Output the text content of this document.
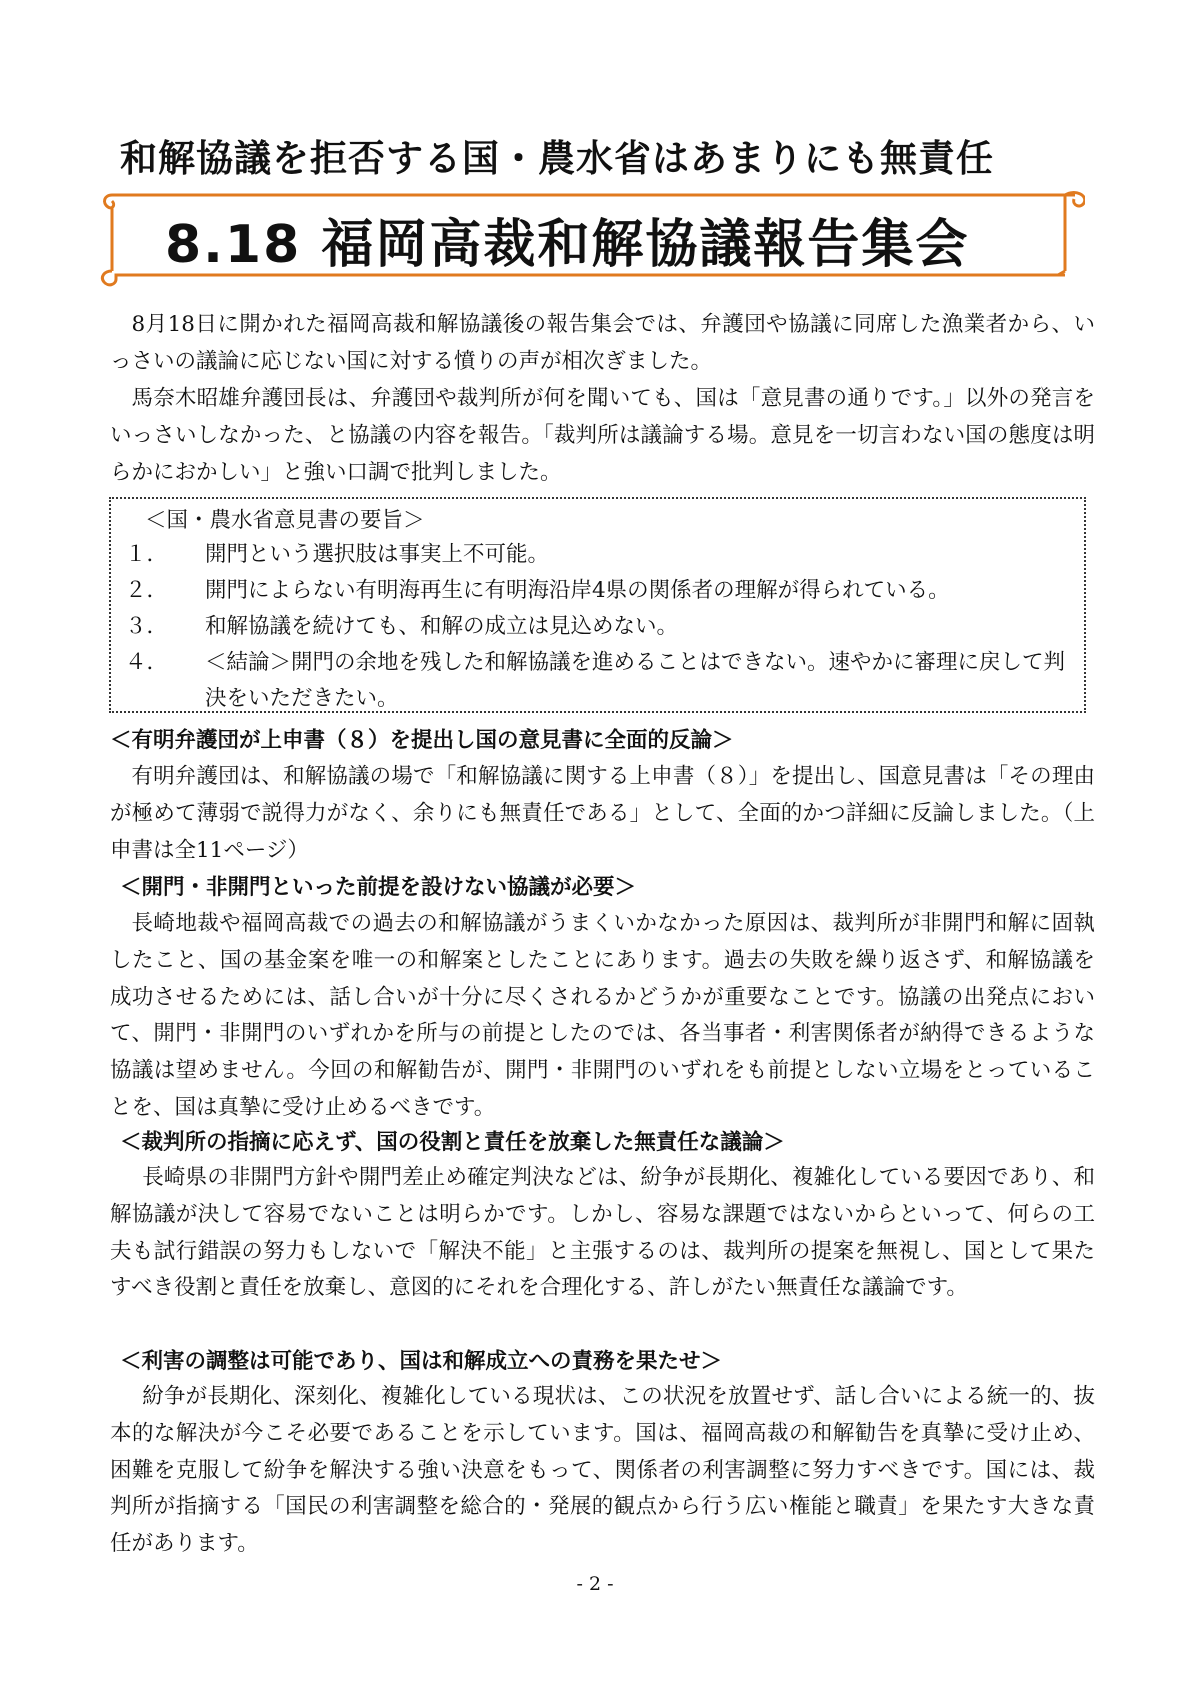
和解協議を拒否する国・農水省はあまりにも無責任
8.18 福岡高裁和解協議報告集会

8月18日に開かれた福岡高裁和解協議後の報告集会では、弁護団や協議に同席した漁業者から、いっさいの議論に応じない国に対する憤りの声が相次ぎました。

馬奈木昭雄弁護団長は、弁護団や裁判所が何を聞いても、国は「意見書の通りです。」以外の発言をいっさいしなかった、と協議の内容を報告。「裁判所は議論する場。意見を一切言わない国の態度は明らかにおかしい」と強い口調で批判しました。

＜国・農水省意見書の要旨＞
１．	開門という選択肢は事実上不可能。
２．	開門によらない有明海再生に有明海沿岸4県の関係者の理解が得られている。
３．	和解協議を続けても、和解の成立は見込めない。
４．	＜結論＞開門の余地を残した和解協議を進めることはできない。速やかに審理に戻して判決をいただきたい。
＜有明弁護団が上申書（８）を提出し国の意見書に全面的反論＞

有明弁護団は、和解協議の場で「和解協議に関する上申書（８）」を提出し、国意見書は「その理由が極めて薄弱で説得力がなく、余りにも無責任である」として、全面的かつ詳細に反論しました。（上申書は全11ページ）

＜開門・非開門といった前提を設けない協議が必要＞

長崎地裁や福岡高裁での過去の和解協議がうまくいかなかった原因は、裁判所が非開門和解に固執したこと、国の基金案を唯一の和解案としたことにあります。過去の失敗を繰り返さず、和解協議を成功させるためには、話し合いが十分に尽くされるかどうかが重要なことです。協議の出発点において、開門・非開門のいずれかを所与の前提としたのでは、各当事者・利害関係者が納得できるような協議は望めません。今回の和解勧告が、開門・非開門のいずれをも前提としない立場をとっていることを、国は真摯に受け止めるべきです。

＜裁判所の指摘に応えず、国の役割と責任を放棄した無責任な議論＞

長崎県の非開門方針や開門差止め確定判決などは、紛争が長期化、複雑化している要因であり、和解協議が決して容易でないことは明らかです。しかし、容易な課題ではないからといって、何らの工夫も試行錯誤の努力もしないで「解決不能」と主張するのは、裁判所の提案を無視し、国として果たすべき役割と責任を放棄し、意図的にそれを合理化する、許しがたい無責任な議論です。

＜利害の調整は可能であり、国は和解成立への責務を果たせ＞

紛争が長期化、深刻化、複雑化している現状は、この状況を放置せず、話し合いによる統一的、抜本的な解決が今こそ必要であることを示しています。国は、福岡高裁の和解勧告を真摯に受け止め、困難を克服して紛争を解決する強い決意をもって、関係者の利害調整に努力すべきです。国には、裁判所が指摘する「国民の利害調整を総合的・発展的観点から行う広い権能と職責」を果たす大きな責任があります。

- 2 -
